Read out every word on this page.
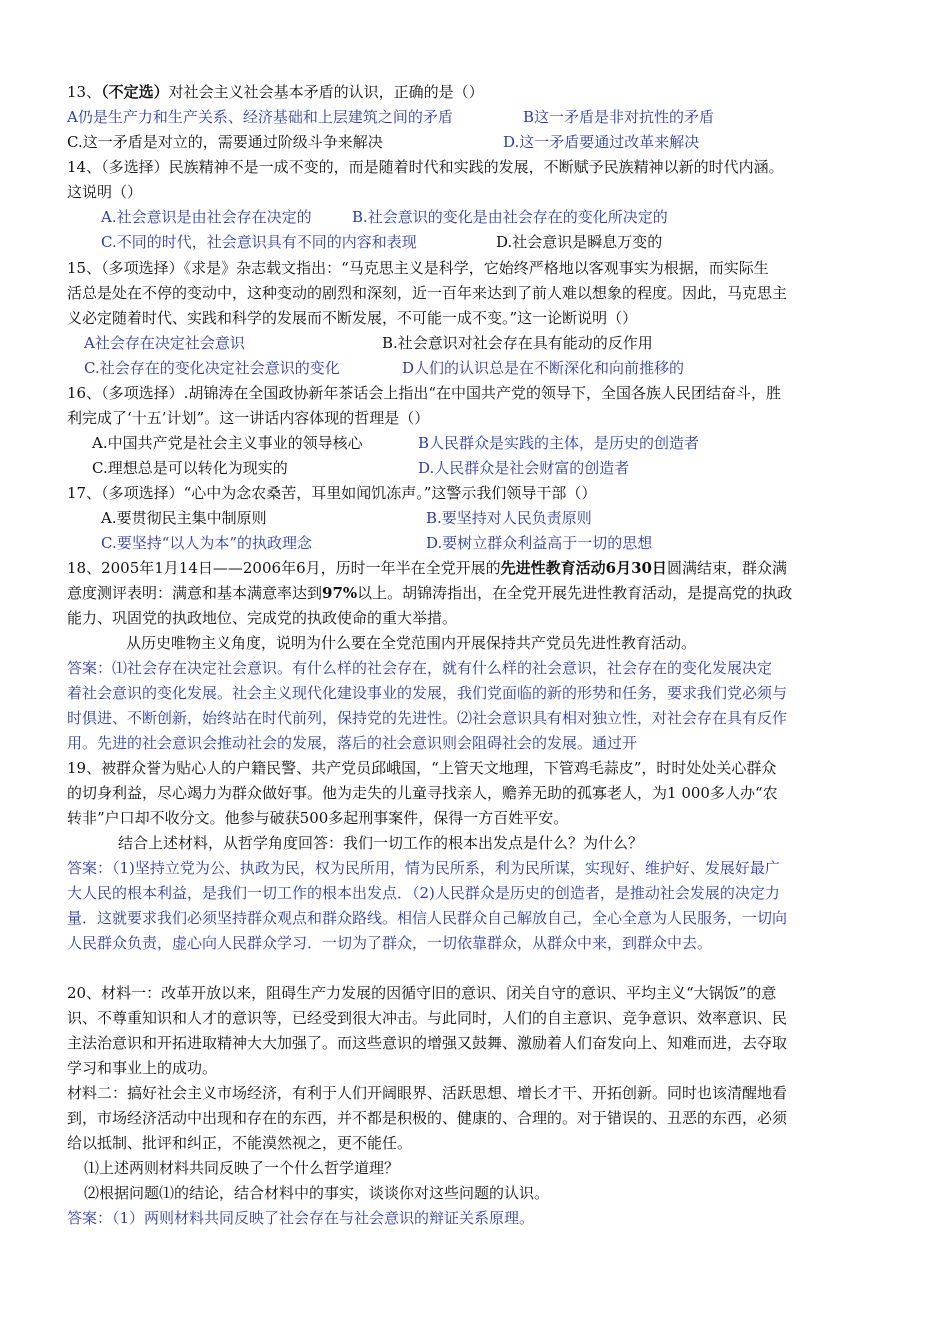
13、（不定选）对社会主义社会基本矛盾的认识，正确的是（）
A仍是生产力和生产关系、经济基础和上层建筑之间的矛盾	B这一矛盾是非对抗性的矛盾
C.这一矛盾是对立的，需要通过阶级斗争来解决	D.这一矛盾要通过改革来解决
14、（多选择）民族精神不是一成不变的，而是随着时代和实践的发展，不断赋予民族精神以新的时代内涵。
这说明（）
A.社会意识是由社会存在决定的	B.社会意识的变化是由社会存在的变化所决定的
C.不同的时代，社会意识具有不同的内容和表现	D.社会意识是瞬息万变的
15、（多项选择）《求是》杂志载文指出：“马克思主义是科学，它始终严格地以客观事实为根据，而实际生
活总是处在不停的变动中，这种变动的剧烈和深刻，近一百年来达到了前人难以想象的程度。因此，马克思主
义必定随着时代、实践和科学的发展而不断发展，不可能一成不变。”这一论断说明（）
A社会存在决定社会意识	B.社会意识对社会存在具有能动的反作用
C.社会存在的变化决定社会意识的变化	D人们的认识总是在不断深化和向前推移的
16、（多项选择）.胡锦涛在全国政协新年茶话会上指出“在中国共产党的领导下，全国各族人民团结奋斗，胜
利完成了‘十五’计划”。这一讲话内容体现的哲理是（）
A.中国共产党是社会主义事业的领导核心	B人民群众是实践的主体，是历史的创造者
C.理想总是可以转化为现实的	D.人民群众是社会财富的创造者
17、（多项选择）“心中为念农桑苦，耳里如闻饥冻声。”这警示我们领导干部（）
A.要贯彻民主集中制原则	B.要坚持对人民负责原则
C.要坚持“以人为本”的执政理念	D.要树立群众利益高于一切的思想
18、2005年1月14日——2006年6月，历时一年半在全党开展的先进性教育活动6月30日圆满结束，群众满
意度测评表明：满意和基本满意率达到97%以上。胡锦涛指出，在全党开展先进性教育活动，是提高党的执政
能力、巩固党的执政地位、完成党的执政使命的重大举措。
从历史唯物主义角度，说明为什么要在全党范围内开展保持共产党员先进性教育活动。
答案：⑴社会存在决定社会意识。有什么样的社会存在，就有什么样的社会意识，社会存在的变化发展决定
着社会意识的变化发展。社会主义现代化建设事业的发展，我们党面临的新的形势和任务，要求我们党必须与
时俱进、不断创新，始终站在时代前列，保持党的先进性。⑵社会意识具有相对独立性，对社会存在具有反作
用。先进的社会意识会推动社会的发展，落后的社会意识则会阻碍社会的发展。通过开
19、被群众誉为贴心人的户籍民警、共产党员邱峨国，“上管天文地理，下管鸡毛蒜皮”，时时处处关心群众
的切身利益，尽心竭力为群众做好事。他为走失的儿童寻找亲人，赡养无助的孤寡老人，为1 000多人办“农
转非”户口却不收分文。他参与破获500多起刑事案件，保得一方百姓平安。
结合上述材料，从哲学角度回答：我们一切工作的根本出发点是什么？为什么？
答案：（1)坚持立党为公、执政为民，权为民所用，情为民所系，利为民所谋，实现好、维护好、发展好最广
大人民的根本利益，是我们一切工作的根本出发点．（2)人民群众是历史的创造者，是推动社会发展的决定力
量．这就要求我们必须坚持群众观点和群众路线。相信人民群众自己解放自己，全心全意为人民服务，一切向
人民群众负责，虚心向人民群众学习．一切为了群众，一切依靠群众，从群众中来，到群众中去。
20、材料一：改革开放以来，阻碍生产力发展的因循守旧的意识、闭关自守的意识、平均主义“大锅饭”的意
识、不尊重知识和人才的意识等，已经受到很大冲击。与此同时，人们的自主意识、竞争意识、效率意识、民
主法治意识和开拓进取精神大大加强了。而这些意识的增强又鼓舞、激励着人们奋发向上、知难而进，去夺取
学习和事业上的成功。
材料二：搞好社会主义市场经济，有利于人们开阔眼界、活跃思想、增长才干、开拓创新。同时也该清醒地看
到，市场经济活动中出现和存在的东西，并不都是积极的、健康的、合理的。对于错误的、丑恶的东西，必须
给以抵制、批评和纠正，不能漠然视之，更不能任。
⑴上述两则材料共同反映了一个什么哲学道理？
⑵根据问题⑴的结论，结合材料中的事实，谈谈你对这些问题的认识。
答案：（1）两则材料共同反映了社会存在与社会意识的辩证关系原理。
